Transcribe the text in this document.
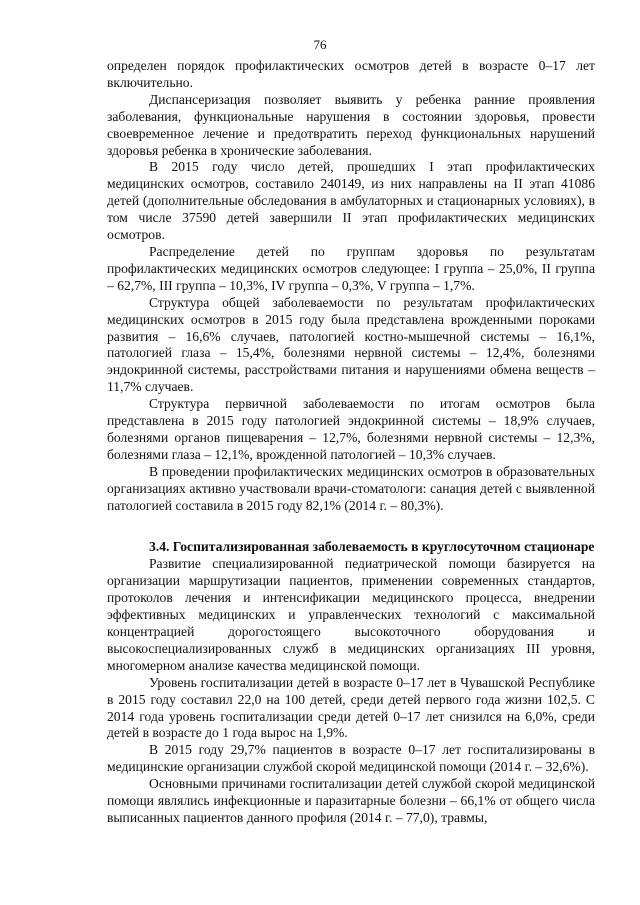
76

определен порядок профилактических осмотров детей в возрасте 0–17 лет включительно.

Диспансеризация позволяет выявить у ребенка ранние проявления заболевания, функциональные нарушения в состоянии здоровья, провести своевременное лечение и предотвратить переход функциональных нарушений здоровья ребенка в хронические заболевания.

В 2015 году число детей, прошедших I этап профилактических медицинских осмотров, составило 240149, из них направлены на II этап 41086 детей (дополнительные обследования в амбулаторных и стационарных условиях), в том числе 37590 детей завершили II этап профилактических медицинских осмотров.

Распределение детей по группам здоровья по результатам профилактических медицинских осмотров следующее: I группа – 25,0%, II группа – 62,7%, III группа – 10,3%, IV группа – 0,3%, V группа – 1,7%.

Структура общей заболеваемости по результатам профилактических медицинских осмотров в 2015 году была представлена врожденными пороками развития – 16,6% случаев, патологией костно-мышечной системы – 16,1%, патологией глаза – 15,4%, болезнями нервной системы – 12,4%, болезнями эндокринной системы, расстройствами питания и нарушениями обмена веществ – 11,7% случаев.

Структура первичной заболеваемости по итогам осмотров была представлена в 2015 году патологией эндокринной системы – 18,9% случаев, болезнями органов пищеварения – 12,7%, болезнями нервной системы – 12,3%, болезнями глаза – 12,1%, врожденной патологией – 10,3% случаев.

В проведении профилактических медицинских осмотров в образовательных организациях активно участвовали врачи-стоматологи: санация детей с выявленной патологией составила в 2015 году 82,1% (2014 г. – 80,3%).

3.4. Госпитализированная заболеваемость в круглосуточном стационаре

Развитие специализированной педиатрической помощи базируется на организации маршрутизации пациентов, применении современных стандартов, протоколов лечения и интенсификации медицинского процесса, внедрении эффективных медицинских и управленческих технологий с максимальной концентрацией дорогостоящего высокоточного оборудования и высокоспециализированных служб в медицинских организациях III уровня, многомерном анализе качества медицинской помощи.

Уровень госпитализации детей в возрасте 0–17 лет в Чувашской Республике в 2015 году составил 22,0 на 100 детей, среди детей первого года жизни 102,5. С 2014 года уровень госпитализации среди детей 0–17 лет снизился на 6,0%, среди детей в возрасте до 1 года вырос на 1,9%.

В 2015 году 29,7% пациентов в возрасте 0–17 лет госпитализированы в медицинские организации службой скорой медицинской помощи (2014 г. – 32,6%).

Основными причинами госпитализации детей службой скорой медицинской помощи являлись инфекционные и паразитарные болезни – 66,1% от общего числа выписанных пациентов данного профиля (2014 г. – 77,0), травмы,
